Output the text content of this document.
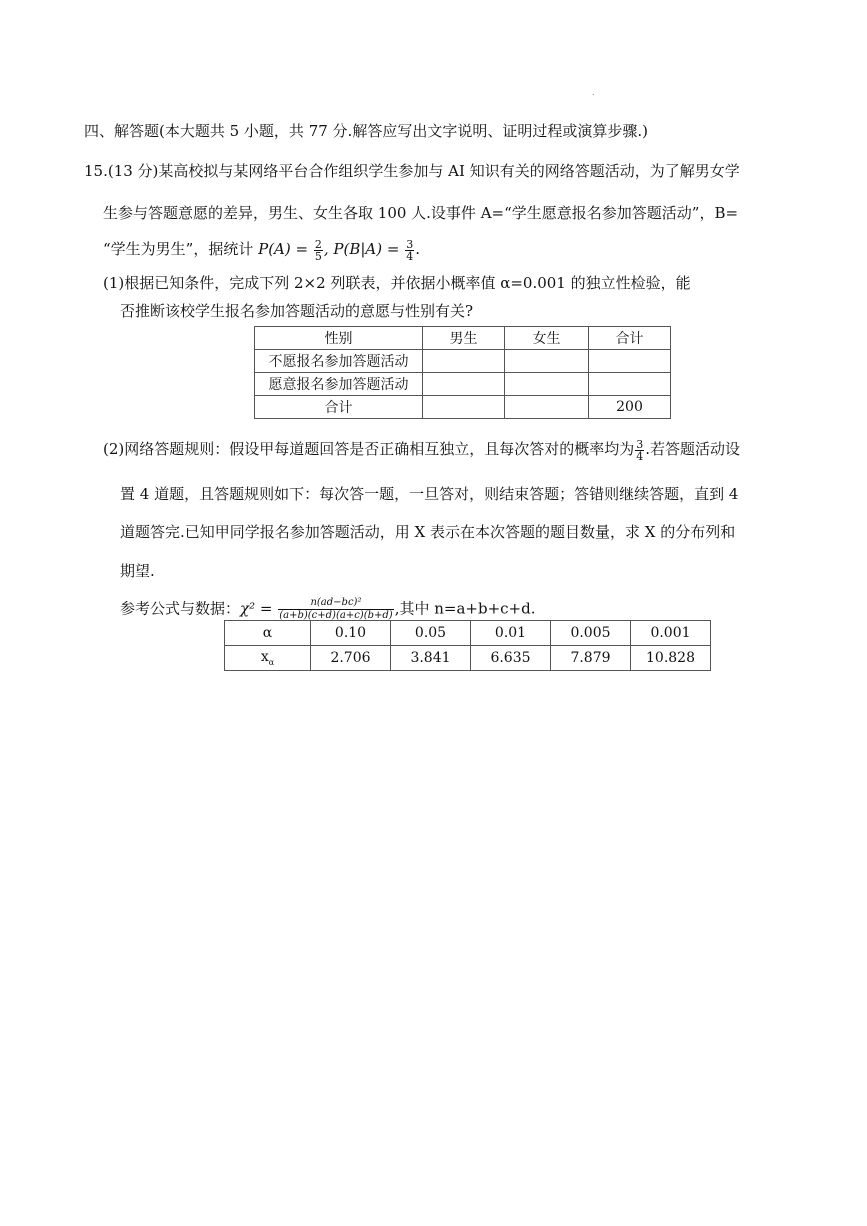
.
四、解答题(本大题共 5 小题，共 77 分.解答应写出文字说明、证明过程或演算步骤.)
15.(13 分)某高校拟与某网络平台合作组织学生参加与 AI 知识有关的网络答题活动，为了解男女学
生参与答题意愿的差异，男生、女生各取 100 人.设事件 A=“学生愿意报名参加答题活动”，B=
“学生为男生”，据统计 $P(A) = \frac{2}{5}$ , $P(B|A) = \frac{3}{4}$ .
(1)根据已知条件，完成下列 2×2 列联表，并依据小概率值 α=0.001 的独立性检验，能
否推断该校学生报名参加答题活动的意愿与性别有关?
性别	男生	女生	合计
不愿报名参加答题活动			
愿意报名参加答题活动			
合计			200
(2)网络答题规则：假设甲每道题回答是否正确相互独立，且每次答对的概率均为 $\frac{3}{4}$ .若答题活动设
置 4 道题，且答题规则如下：每次答一题，一旦答对，则结束答题；答错则继续答题，直到 4
道题答完.已知甲同学报名参加答题活动，用 X 表示在本次答题的题目数量，求 X 的分布列和
期望.
参考公式与数据：$\chi^2 = \frac{\text{n(ad−bc)²}}{(a+b)(c+d)(a+c)(b+d)}$ ,其中 n=a+b+c+d.
α	0.10	0.05	0.01	0.005	0.001
$x_\alpha$	2.706	3.841	6.635	7.879	10.828
